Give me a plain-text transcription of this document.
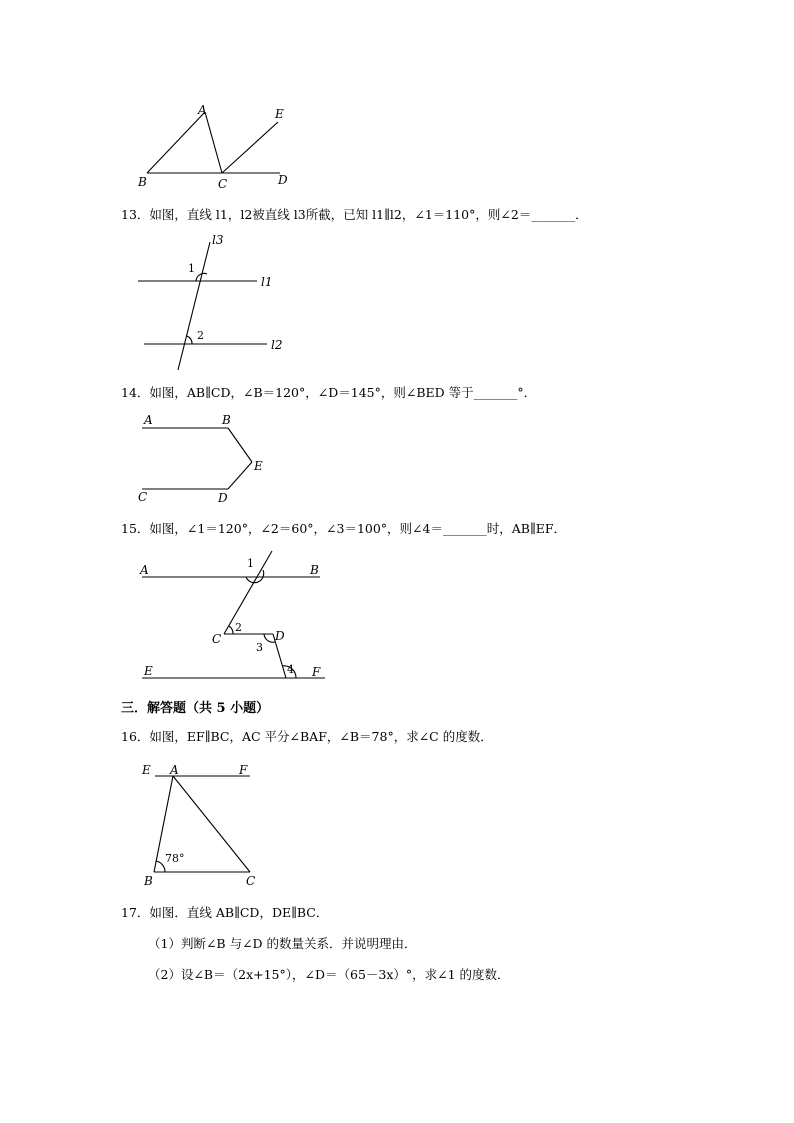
A	E
B	C	D
13．如图，直线 l1，l2被直线 l3所截，已知 l1∥l2，∠1＝110°，则∠2＝_______．
l3
l1
l2
1
2
14．如图，AB∥CD，∠B＝120°，∠D＝145°，则∠BED 等于_______°．
A	B
E
C	D
15．如图，∠1＝120°，∠2＝60°，∠3＝100°，则∠4＝_______时，AB∥EF．
A	B
C	D
E	F
1
2
3
4
三．解答题（共 5 小题）
16．如图，EF∥BC，AC 平分∠BAF，∠B＝78°，求∠C 的度数．
E A	F
B	C
78°
17．如图．直线 AB∥CD，DE∥BC．
（1）判断∠B 与∠D 的数量关系．并说明理由．
（2）设∠B＝（2x+15°），∠D＝（65－3x）°，求∠1 的度数．
